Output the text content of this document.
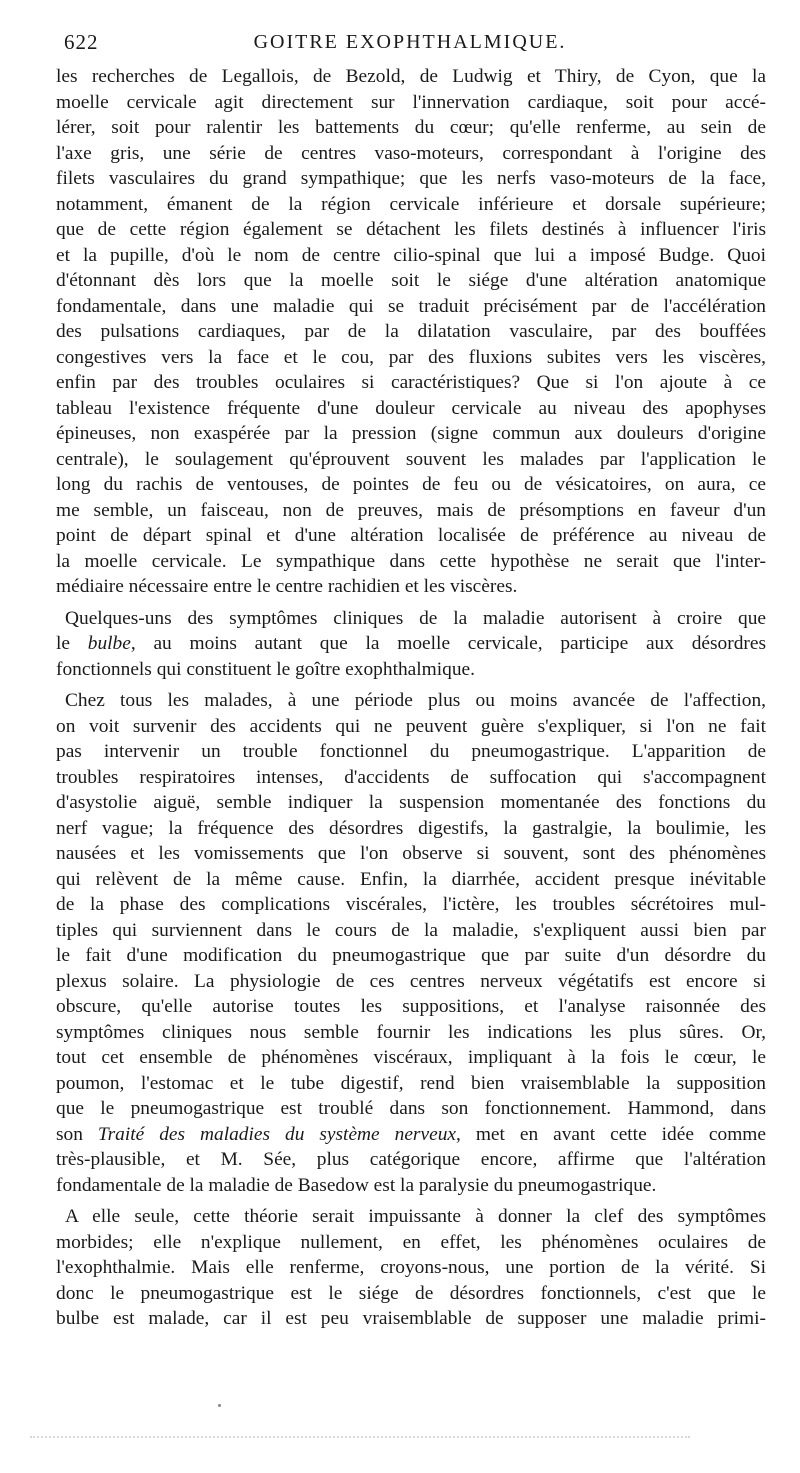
622	GOITRE EXOPHTHALMIQUE.
les recherches de Legallois, de Bezold, de Ludwig et Thiry, de Cyon, que la
moelle cervicale agit directement sur l'innervation cardiaque, soit pour accé-
lérer, soit pour ralentir les battements du cœur; qu'elle renferme, au sein de
l'axe gris, une série de centres vaso-moteurs, correspondant à l'origine des
filets vasculaires du grand sympathique; que les nerfs vaso-moteurs de la face,
notamment, émanent de la région cervicale inférieure et dorsale supérieure;
que de cette région également se détachent les filets destinés à influencer l'iris
et la pupille, d'où le nom de centre cilio-spinal que lui a imposé Budge. Quoi
d'étonnant dès lors que la moelle soit le siége d'une altération anatomique
fondamentale, dans une maladie qui se traduit précisément par de l'accélération
des pulsations cardiaques, par de la dilatation vasculaire, par des bouffées
congestives vers la face et le cou, par des fluxions subites vers les viscères,
enfin par des troubles oculaires si caractéristiques? Que si l'on ajoute à ce
tableau l'existence fréquente d'une douleur cervicale au niveau des apophyses
épineuses, non exaspérée par la pression (signe commun aux douleurs d'origine
centrale), le soulagement qu'éprouvent souvent les malades par l'application le
long du rachis de ventouses, de pointes de feu ou de vésicatoires, on aura, ce
me semble, un faisceau, non de preuves, mais de présomptions en faveur d'un
point de départ spinal et d'une altération localisée de préférence au niveau de
la moelle cervicale. Le sympathique dans cette hypothèse ne serait que l'inter-
médiaire nécessaire entre le centre rachidien et les viscères.
Quelques-uns des symptômes cliniques de la maladie autorisent à croire que
le bulbe, au moins autant que la moelle cervicale, participe aux désordres
fonctionnels qui constituent le goître exophthalmique.
Chez tous les malades, à une période plus ou moins avancée de l'affection,
on voit survenir des accidents qui ne peuvent guère s'expliquer, si l'on ne fait
pas intervenir un trouble fonctionnel du pneumogastrique. L'apparition de
troubles respiratoires intenses, d'accidents de suffocation qui s'accompagnent
d'asystolie aiguë, semble indiquer la suspension momentanée des fonctions du
nerf vague; la fréquence des désordres digestifs, la gastralgie, la boulimie, les
nausées et les vomissements que l'on observe si souvent, sont des phénomènes
qui relèvent de la même cause. Enfin, la diarrhée, accident presque inévitable
de la phase des complications viscérales, l'ictère, les troubles sécrétoires mul-
tiples qui surviennent dans le cours de la maladie, s'expliquent aussi bien par
le fait d'une modification du pneumogastrique que par suite d'un désordre du
plexus solaire. La physiologie de ces centres nerveux végétatifs est encore si
obscure, qu'elle autorise toutes les suppositions, et l'analyse raisonnée des
symptômes cliniques nous semble fournir les indications les plus sûres. Or,
tout cet ensemble de phénomènes viscéraux, impliquant à la fois le cœur, le
poumon, l'estomac et le tube digestif, rend bien vraisemblable la supposition
que le pneumogastrique est troublé dans son fonctionnement. Hammond, dans
son Traité des maladies du système nerveux, met en avant cette idée comme
très-plausible, et M. Sée, plus catégorique encore, affirme que l'altération
fondamentale de la maladie de Basedow est la paralysie du pneumogastrique.
A elle seule, cette théorie serait impuissante à donner la clef des symptômes
morbides; elle n'explique nullement, en effet, les phénomènes oculaires de
l'exophthalmie. Mais elle renferme, croyons-nous, une portion de la vérité. Si
donc le pneumogastrique est le siége de désordres fonctionnels, c'est que le
bulbe est malade, car il est peu vraisemblable de supposer une maladie primi-
